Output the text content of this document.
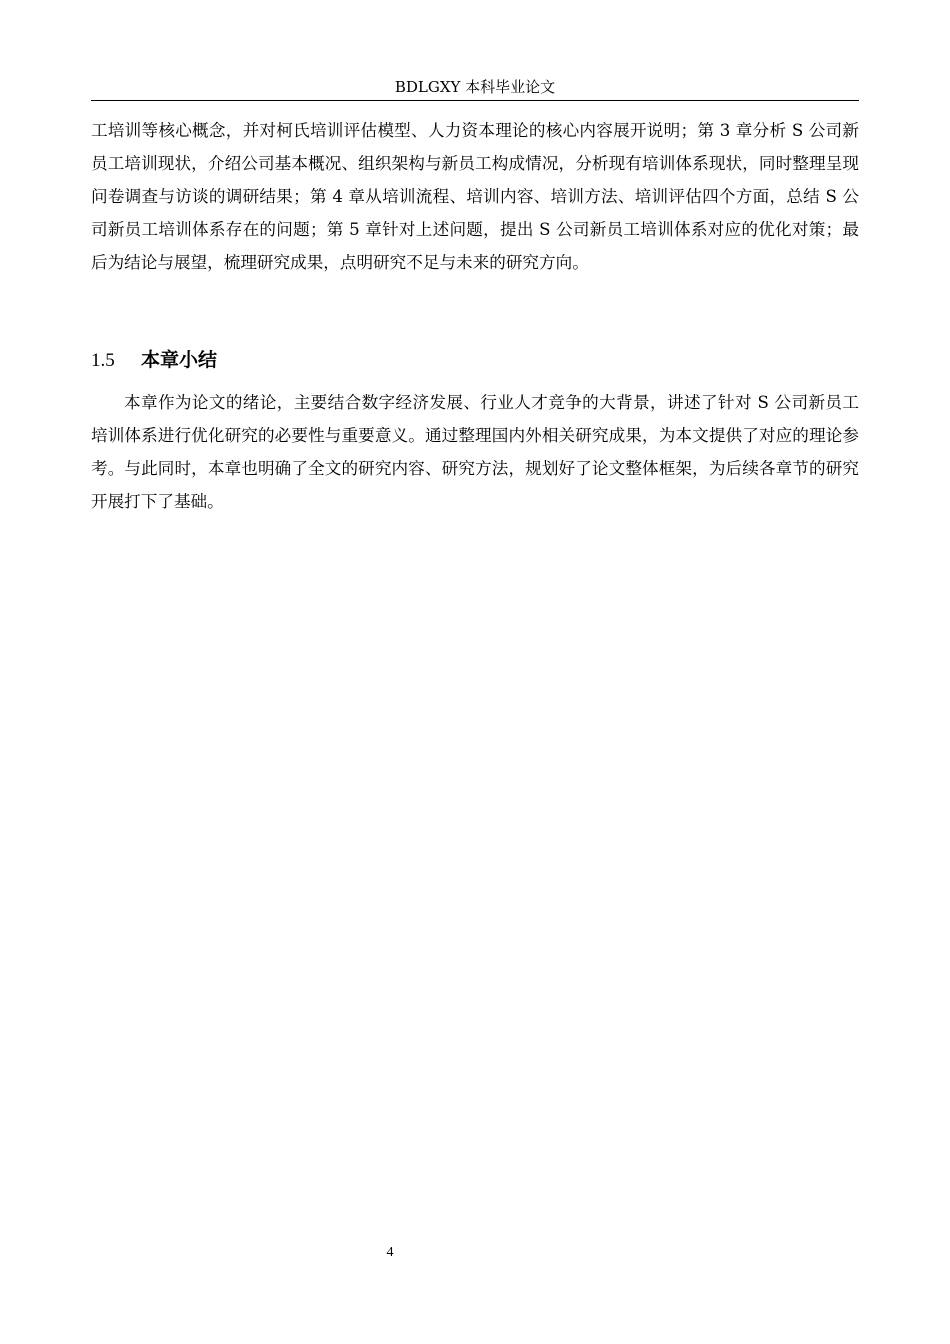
BDLGXY 本科毕业论文

工培训等核心概念，并对柯氏培训评估模型、人力资本理论的核心内容展开说明；第 3 章分析 S 公司新员工培训现状，介绍公司基本概况、组织架构与新员工构成情况，分析现有培训体系现状，同时整理呈现问卷调查与访谈的调研结果；第 4 章从培训流程、培训内容、培训方法、培训评估四个方面，总结 S 公司新员工培训体系存在的问题；第 5 章针对上述问题，提出 S 公司新员工培训体系对应的优化对策；最后为结论与展望，梳理研究成果，点明研究不足与未来的研究方向。

1.5 本章小结

本章作为论文的绪论，主要结合数字经济发展、行业人才竞争的大背景，讲述了针对 S 公司新员工培训体系进行优化研究的必要性与重要意义。通过整理国内外相关研究成果，为本文提供了对应的理论参考。与此同时，本章也明确了全文的研究内容、研究方法，规划好了论文整体框架，为后续各章节的研究开展打下了基础。

4
